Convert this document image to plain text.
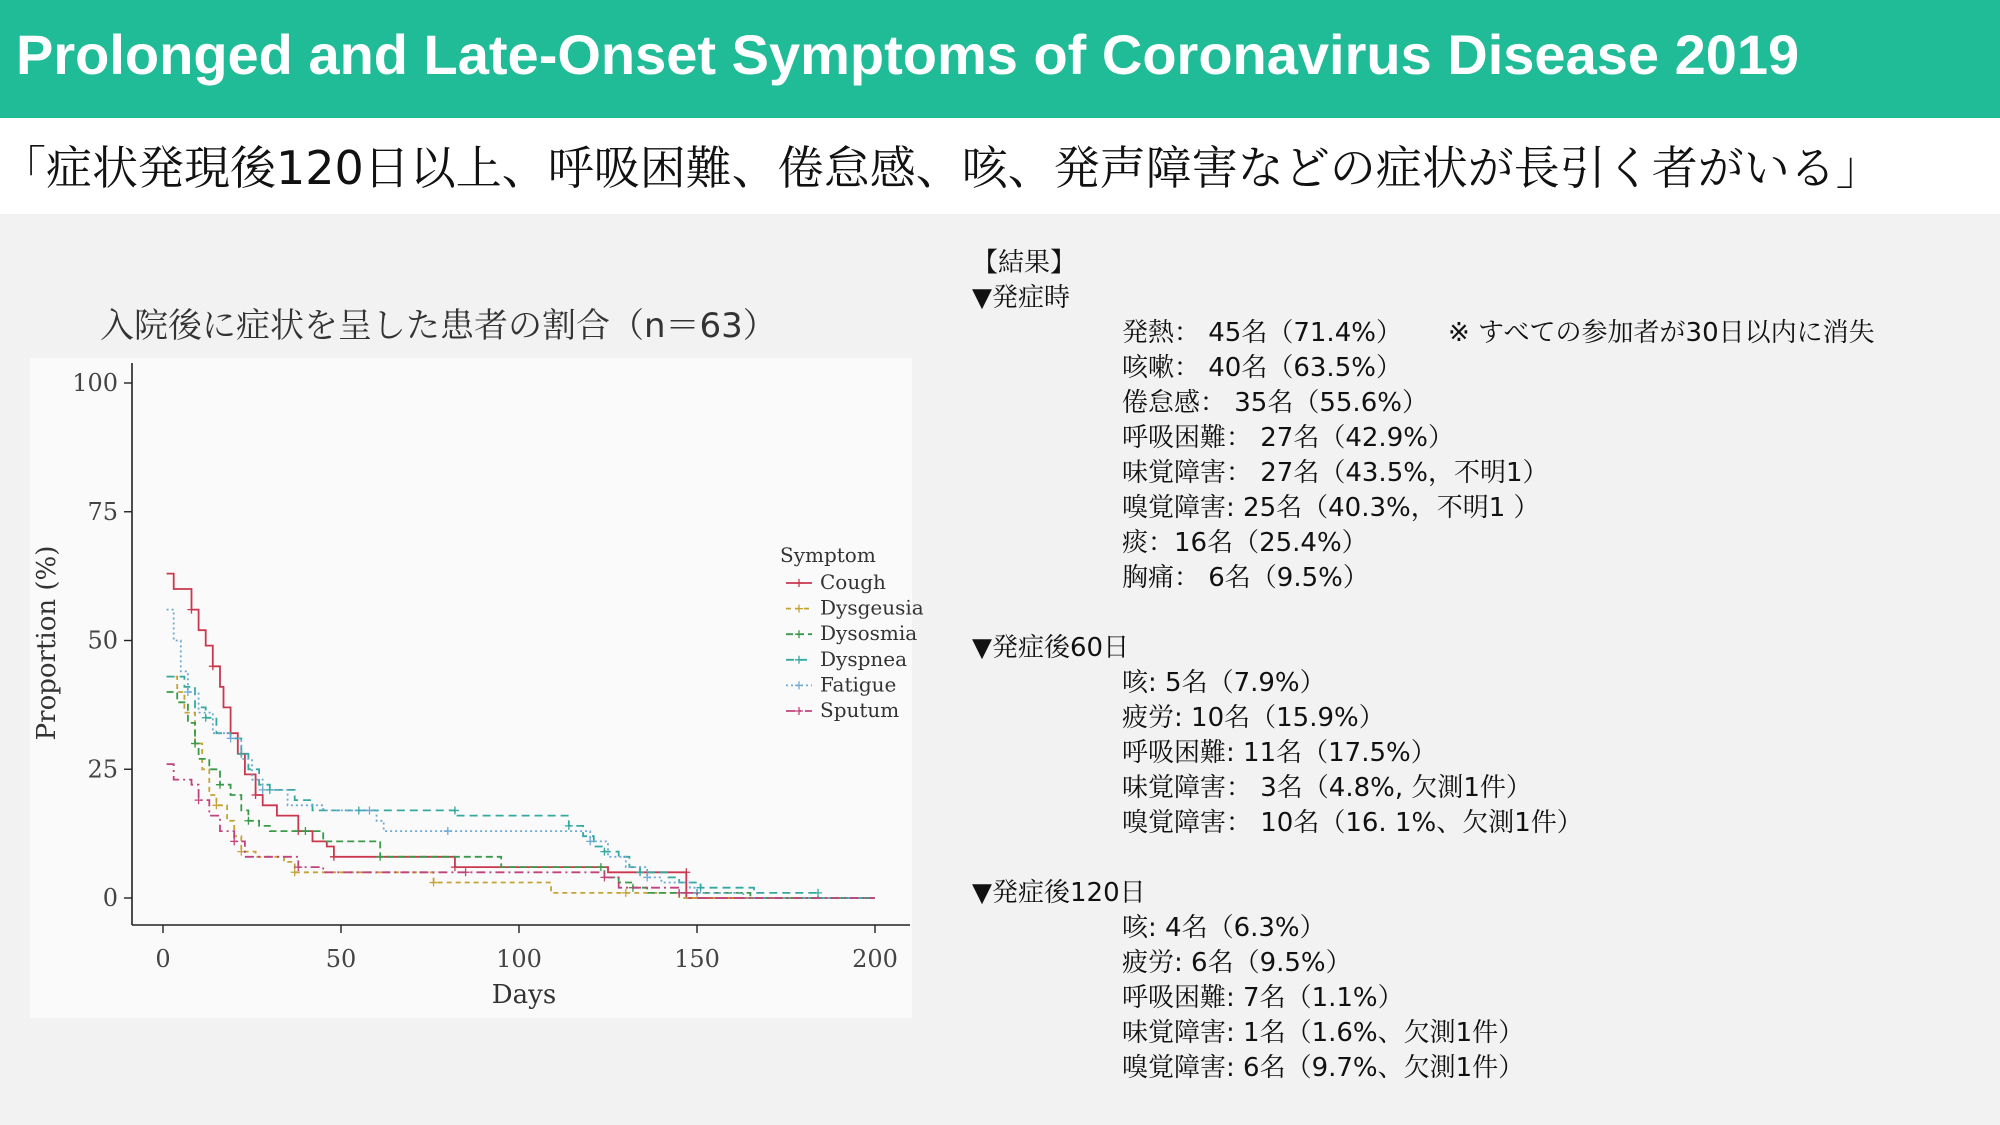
Prolonged and Late-Onset Symptoms of Coronavirus Disease 2019
「症状発現後120日以上、呼吸困難、倦怠感、咳、発声障害などの症状が長引く者がいる」
入院後に症状を呈した患者の割合（n＝63）
0
25
50
75
100
0	50	100	150	200
Days
Proportion (%)	Symptom
Cough
Dysgeusia
Dysosmia
Dyspnea
Fatigue
Sputum
【結果】
▼発症時
発熱： 45名（71.4%）
咳嗽： 40名（63.5%）
倦怠感： 35名（55.6%）
呼吸困難： 27名（42.9%）
味覚障害： 27名（43.5%，不明1）
嗅覚障害: 25名（40.3%，不明1 ）
痰：16名（25.4%）
胸痛： 6名（9.5%）
▼発症後60日
咳: 5名（7.9%）
疲労: 10名（15.9%）
呼吸困難: 11名（17.5%）
味覚障害： 3名（4.8%, 欠測1件）
嗅覚障害： 10名（16. 1%、欠測1件）
▼発症後120日
咳: 4名（6.3%）
疲労: 6名（9.5%）
呼吸困難: 7名（1.1%）
味覚障害: 1名（1.6%、欠測1件）
嗅覚障害: 6名（9.7%、欠測1件）
※ すべての参加者が30日以内に消失
